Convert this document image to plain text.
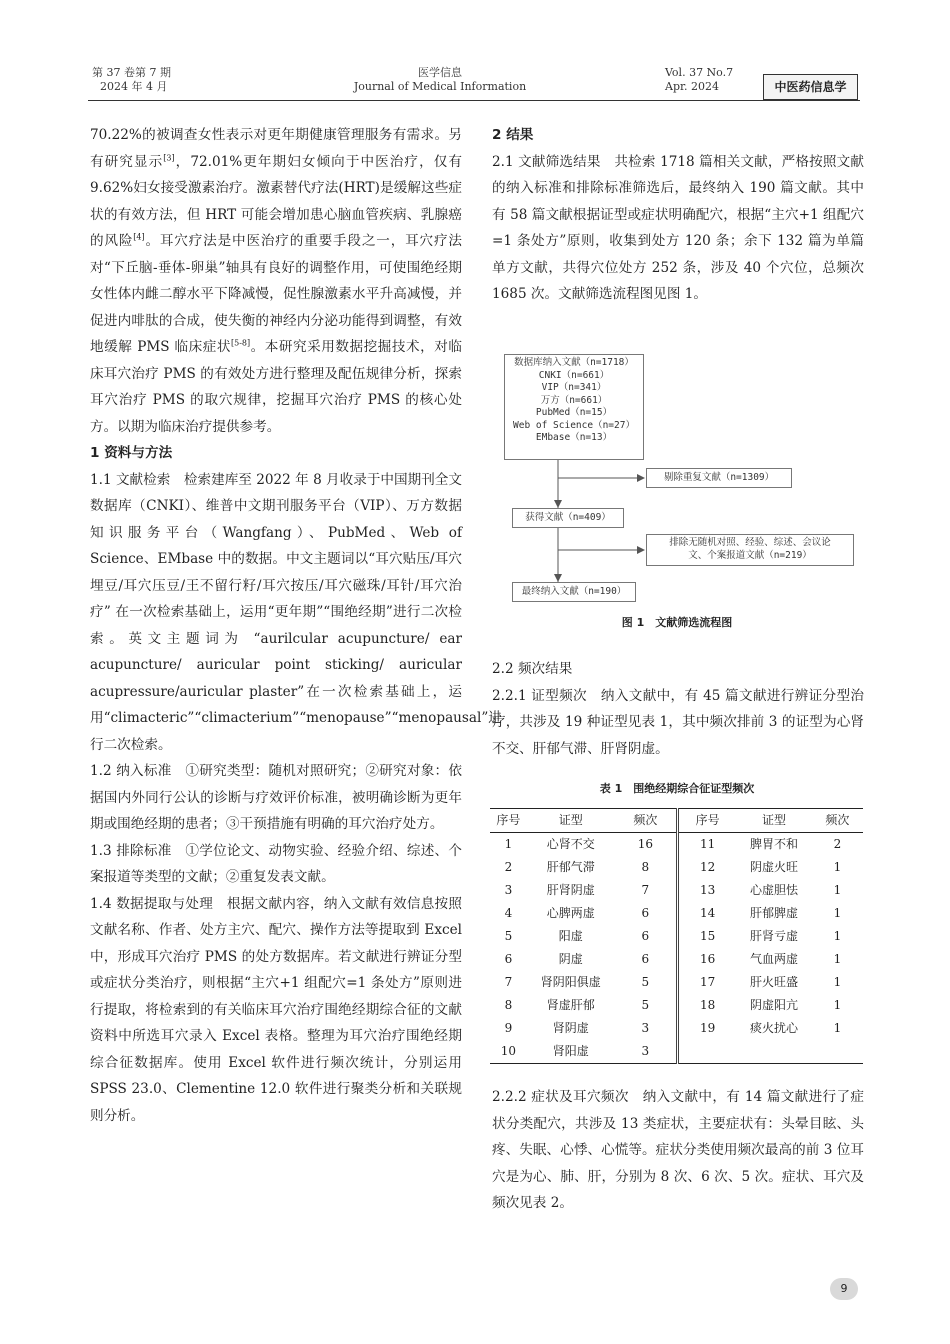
第 37 卷第 7 期
2024 年 4 月
医学信息
Journal of Medical Information
Vol. 37 No.7
Apr. 2024	中医药信息学

70.22%的被调查女性表示对更年期健康管理服务有需求。另有研究显示[3]，72.01%更年期妇女倾向于中医治疗，仅有 9.62%妇女接受激素治疗。激素替代疗法(HRT)是缓解这些症状的有效方法，但 HRT 可能会增加患心脑血管疾病、乳腺癌的风险[4]。耳穴疗法是中医治疗的重要手段之一，耳穴疗法对“下丘脑-垂体-卵巢”轴具有良好的调整作用，可使围绝经期女性体内雌二醇水平下降减慢，促性腺激素水平升高减慢，并促进内啡肽的合成，使失衡的神经内分泌功能得到调整，有效地缓解 PMS 临床症状[5-8]。本研究采用数据挖掘技术，对临床耳穴治疗 PMS 的有效处方进行整理及配伍规律分析，探索耳穴治疗 PMS 的取穴规律，挖掘耳穴治疗 PMS 的核心处方。以期为临床治疗提供参考。

1 资料与方法

1.1 文献检索　检索建库至 2022 年 8 月收录于中国期刊全文数据库（CNKI）、维普中文期刊服务平台（VIP）、万方数据知识服务平台（Wangfang）、PubMed、Web of Science、EMbase 中的数据。中文主题词以“耳穴贴压/耳穴埋豆/耳穴压豆/王不留行籽/耳穴按压/耳穴磁珠/耳针/耳穴治疗” 在一次检索基础上，运用“更年期”“围绝经期”进行二次检索。英文主题词为 “aurilcular acupuncture/ ear acupuncture/ auricular point sticking/ auricular acupressure/auricular plaster”在一次检索基础上，运用“climacteric”“climacterium”“menopause”“menopausal”进行二次检索。

1.2 纳入标准　①研究类型：随机对照研究；②研究对象：依据国内外同行公认的诊断与疗效评价标准，被明确诊断为更年期或围绝经期的患者；③干预措施有明确的耳穴治疗处方。

1.3 排除标准　①学位论文、动物实验、经验介绍、综述、个案报道等类型的文献；②重复发表文献。

1.4 数据提取与处理　根据文献内容，纳入文献有效信息按照文献名称、作者、处方主穴、配穴、操作方法等提取到 Excel 中，形成耳穴治疗 PMS 的处方数据库。若文献进行辨证分型或症状分类治疗，则根据“主穴+1 组配穴=1 条处方”原则进行提取，将检索到的有关临床耳穴治疗围绝经期综合征的文献资料中所选耳穴录入 Excel 表格。整理为耳穴治疗围绝经期综合征数据库。使用 Excel 软件进行频次统计，分别运用 SPSS 23.0、Clementine 12.0 软件进行聚类分析和关联规则分析。

2 结果

2.1 文献筛选结果　共检索 1718 篇相关文献，严格按照文献的纳入标准和排除标准筛选后，最终纳入 190 篇文献。其中有 58 篇文献根据证型或症状明确配穴，根据“主穴+1 组配穴=1 条处方”原则，收集到处方 120 条；余下 132 篇为单篇单方文献，共得穴位处方 252 条，涉及 40 个穴位，总频次 1685 次。文献筛选流程图见图 1。

数据库纳入文献（n=1718）
CNKI（n=661）
VIP（n=341）
万方（n=661）
PubMed（n=15）
Web of Science（n=27）
EMbase（n=13）
剔除重复文献（n=1309）
获得文献（n=409）
排除无随机对照、经验、综述、会议论
文、个案报道文献（n=219）
最终纳入文献（n=190）
图 1　文献筛选流程图

2.2 频次结果

2.2.1 证型频次　纳入文献中，有 45 篇文献进行辨证分型治疗，共涉及 19 种证型见表 1，其中频次排前 3 的证型为心肾不交、肝郁气滞、肝肾阴虚。

表 1　围绝经期综合征证型频次
序号	证型	频次	序号	证型	频次
1	心肾不交	16	11	脾胃不和	2
2	肝郁气滞	8	12	阴虚火旺	1
3	肝肾阴虚	7	13	心虚胆怯	1
4	心脾两虚	6	14	肝郁脾虚	1
5	阳虚	6	15	肝肾亏虚	1
6	阴虚	6	16	气血两虚	1
7	肾阴阳俱虚	5	17	肝火旺盛	1
8	肾虚肝郁	5	18	阴虚阳亢	1
9	肾阴虚	3	19	痰火扰心	1
10	肾阳虚	3			

2.2.2 症状及耳穴频次　纳入文献中，有 14 篇文献进行了症状分类配穴，共涉及 13 类症状，主要症状有：头晕目眩、头疼、失眠、心悸、心慌等。症状分类使用频次最高的前 3 位耳穴是为心、肺、肝，分别为 8 次、6 次、5 次。症状、耳穴及频次见表 2。

9
